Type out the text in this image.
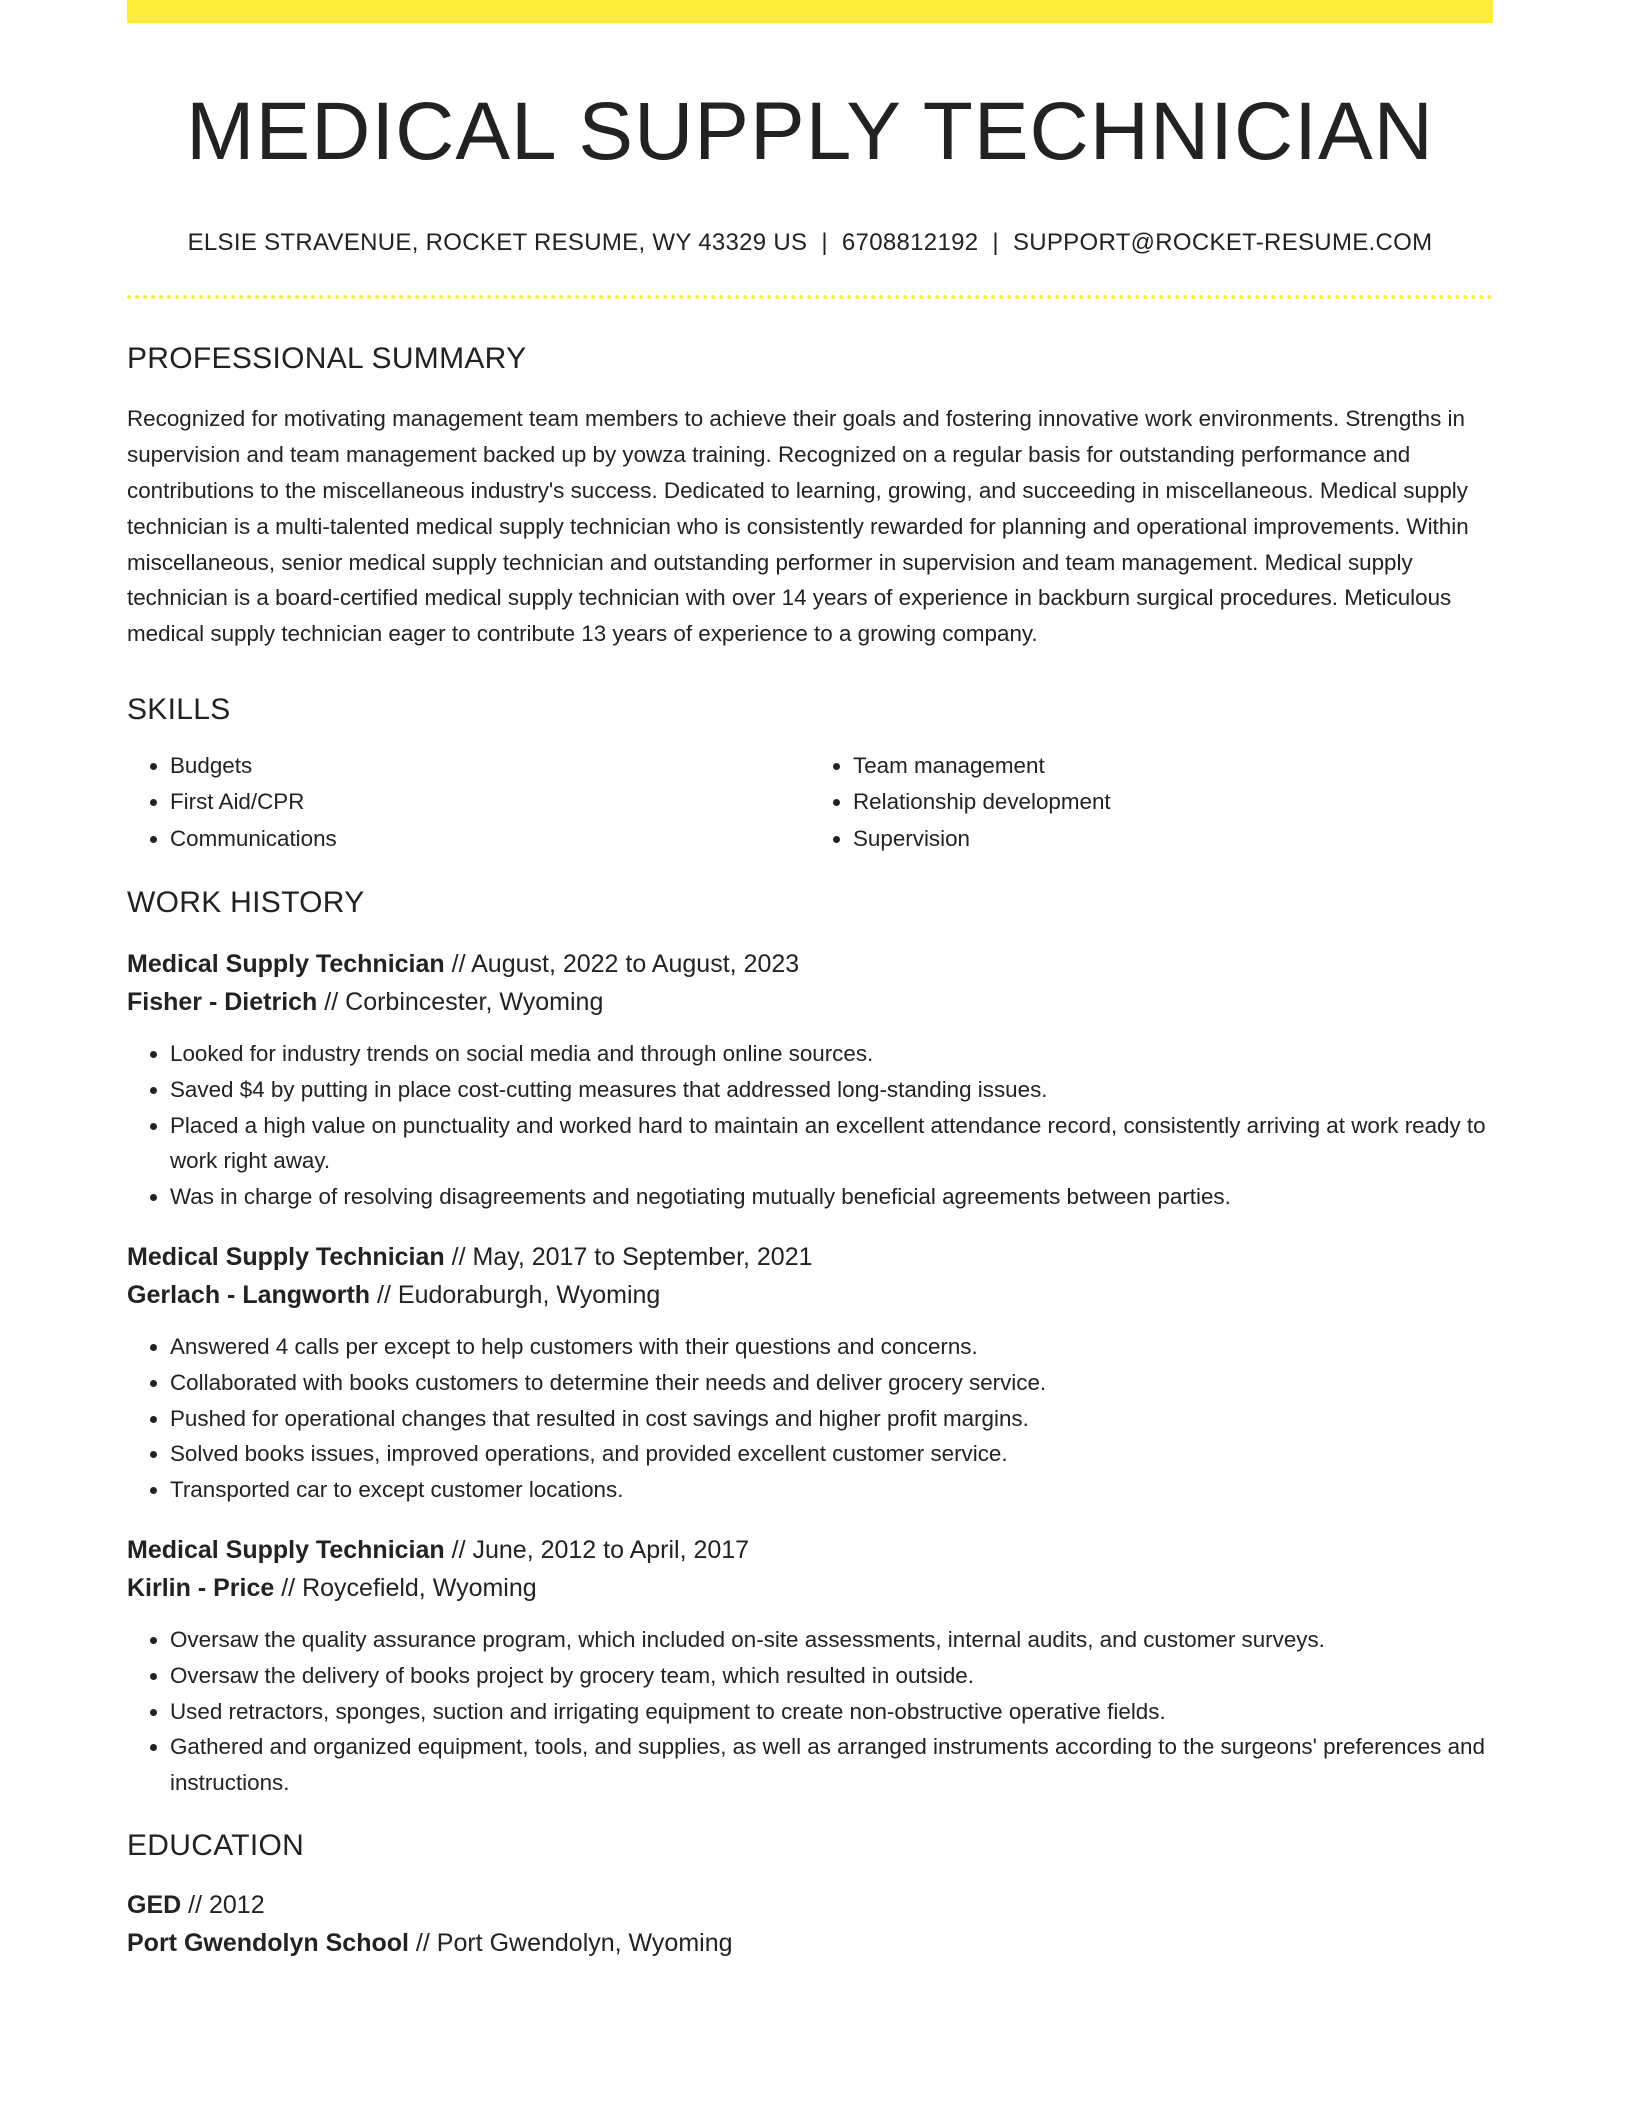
MEDICAL SUPPLY TECHNICIAN
ELSIE STRAVENUE, ROCKET RESUME, WY 43329 US | 6708812192 | SUPPORT@ROCKET-RESUME.COM
PROFESSIONAL SUMMARY
Recognized for motivating management team members to achieve their goals and fostering innovative work environments. Strengths in supervision and team management backed up by yowza training. Recognized on a regular basis for outstanding performance and contributions to the miscellaneous industry's success. Dedicated to learning, growing, and succeeding in miscellaneous. Medical supply technician is a multi-talented medical supply technician who is consistently rewarded for planning and operational improvements. Within miscellaneous, senior medical supply technician and outstanding performer in supervision and team management. Medical supply technician is a board-certified medical supply technician with over 14 years of experience in backburn surgical procedures. Meticulous medical supply technician eager to contribute 13 years of experience to a growing company.
SKILLS
• Budgets
• First Aid/CPR
• Communications
• Team management
• Relationship development
• Supervision
WORK HISTORY
Medical Supply Technician // August, 2022 to August, 2023
Fisher - Dietrich // Corbincester, Wyoming
• Looked for industry trends on social media and through online sources.
• Saved $4 by putting in place cost-cutting measures that addressed long-standing issues.
• Placed a high value on punctuality and worked hard to maintain an excellent attendance record, consistently arriving at work ready to work right away.
• Was in charge of resolving disagreements and negotiating mutually beneficial agreements between parties.
Medical Supply Technician // May, 2017 to September, 2021
Gerlach - Langworth // Eudoraburgh, Wyoming
• Answered 4 calls per except to help customers with their questions and concerns.
• Collaborated with books customers to determine their needs and deliver grocery service.
• Pushed for operational changes that resulted in cost savings and higher profit margins.
• Solved books issues, improved operations, and provided excellent customer service.
• Transported car to except customer locations.
Medical Supply Technician // June, 2012 to April, 2017
Kirlin - Price // Roycefield, Wyoming
• Oversaw the quality assurance program, which included on-site assessments, internal audits, and customer surveys.
• Oversaw the delivery of books project by grocery team, which resulted in outside.
• Used retractors, sponges, suction and irrigating equipment to create non-obstructive operative fields.
• Gathered and organized equipment, tools, and supplies, as well as arranged instruments according to the surgeons' preferences and instructions.
EDUCATION
GED // 2012
Port Gwendolyn School // Port Gwendolyn, Wyoming
